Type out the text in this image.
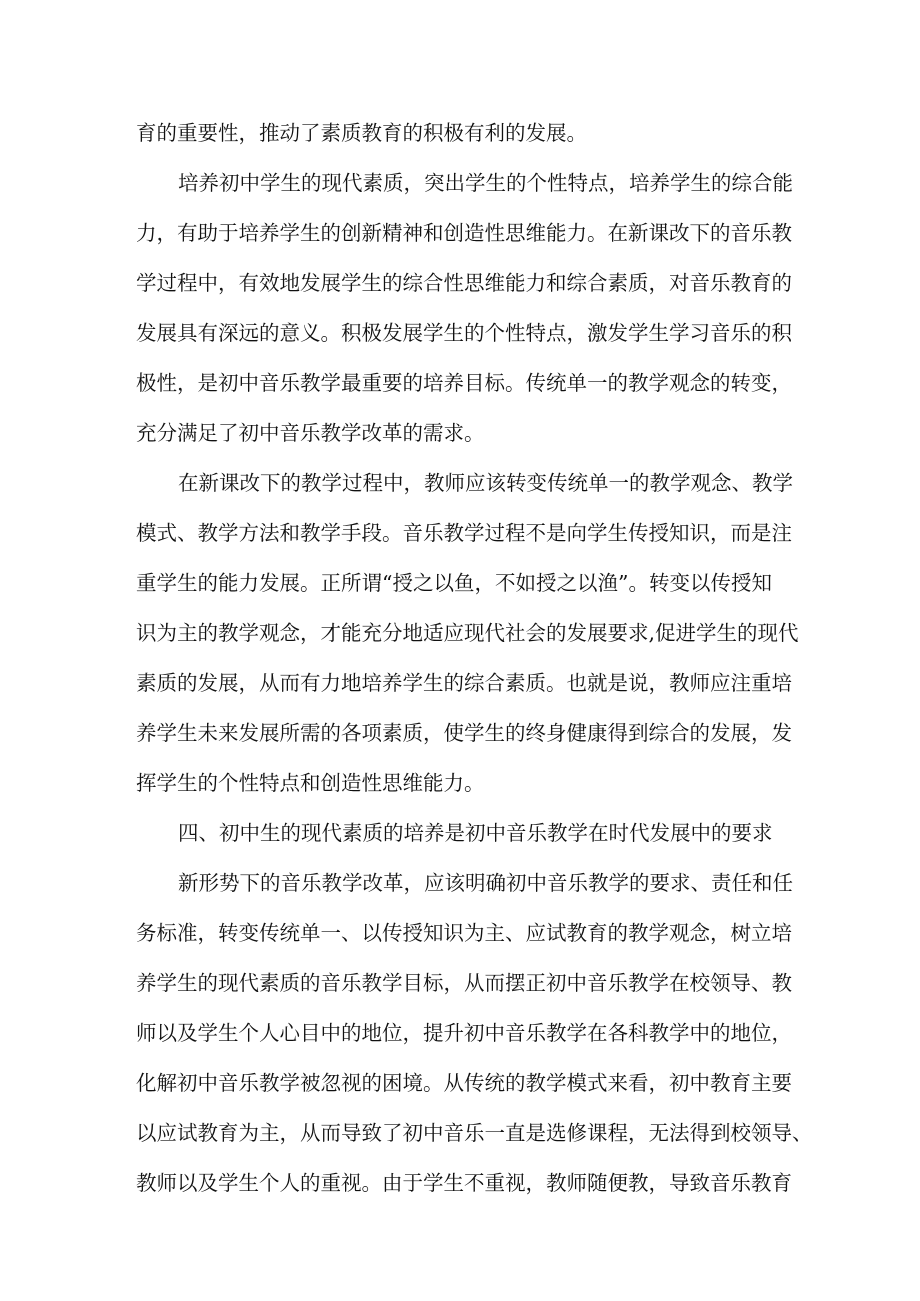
育的重要性，推动了素质教育的积极有利的发展。
培养初中学生的现代素质，突出学生的个性特点，培养学生的综合能
力，有助于培养学生的创新精神和创造性思维能力。在新课改下的音乐教
学过程中，有效地发展学生的综合性思维能力和综合素质，对音乐教育的
发展具有深远的意义。积极发展学生的个性特点，激发学生学习音乐的积
极性，是初中音乐教学最重要的培养目标。传统单一的教学观念的转变，
充分满足了初中音乐教学改革的需求。
在新课改下的教学过程中，教师应该转变传统单一的教学观念、教学
模式、教学方法和教学手段。音乐教学过程不是向学生传授知识，而是注
重学生的能力发展。正所谓“授之以鱼，不如授之以渔”。转变以传授知
识为主的教学观念，才能充分地适应现代社会的发展要求,促进学生的现代
素质的发展，从而有力地培养学生的综合素质。也就是说，教师应注重培
养学生未来发展所需的各项素质，使学生的终身健康得到综合的发展，发
挥学生的个性特点和创造性思维能力。
四、初中生的现代素质的培养是初中音乐教学在时代发展中的要求
新形势下的音乐教学改革，应该明确初中音乐教学的要求、责任和任
务标准，转变传统单一、以传授知识为主、应试教育的教学观念，树立培
养学生的现代素质的音乐教学目标，从而摆正初中音乐教学在校领导、教
师以及学生个人心目中的地位，提升初中音乐教学在各科教学中的地位，
化解初中音乐教学被忽视的困境。从传统的教学模式来看，初中教育主要
以应试教育为主，从而导致了初中音乐一直是选修课程，无法得到校领导、
教师以及学生个人的重视。由于学生不重视，教师随便教，导致音乐教育
